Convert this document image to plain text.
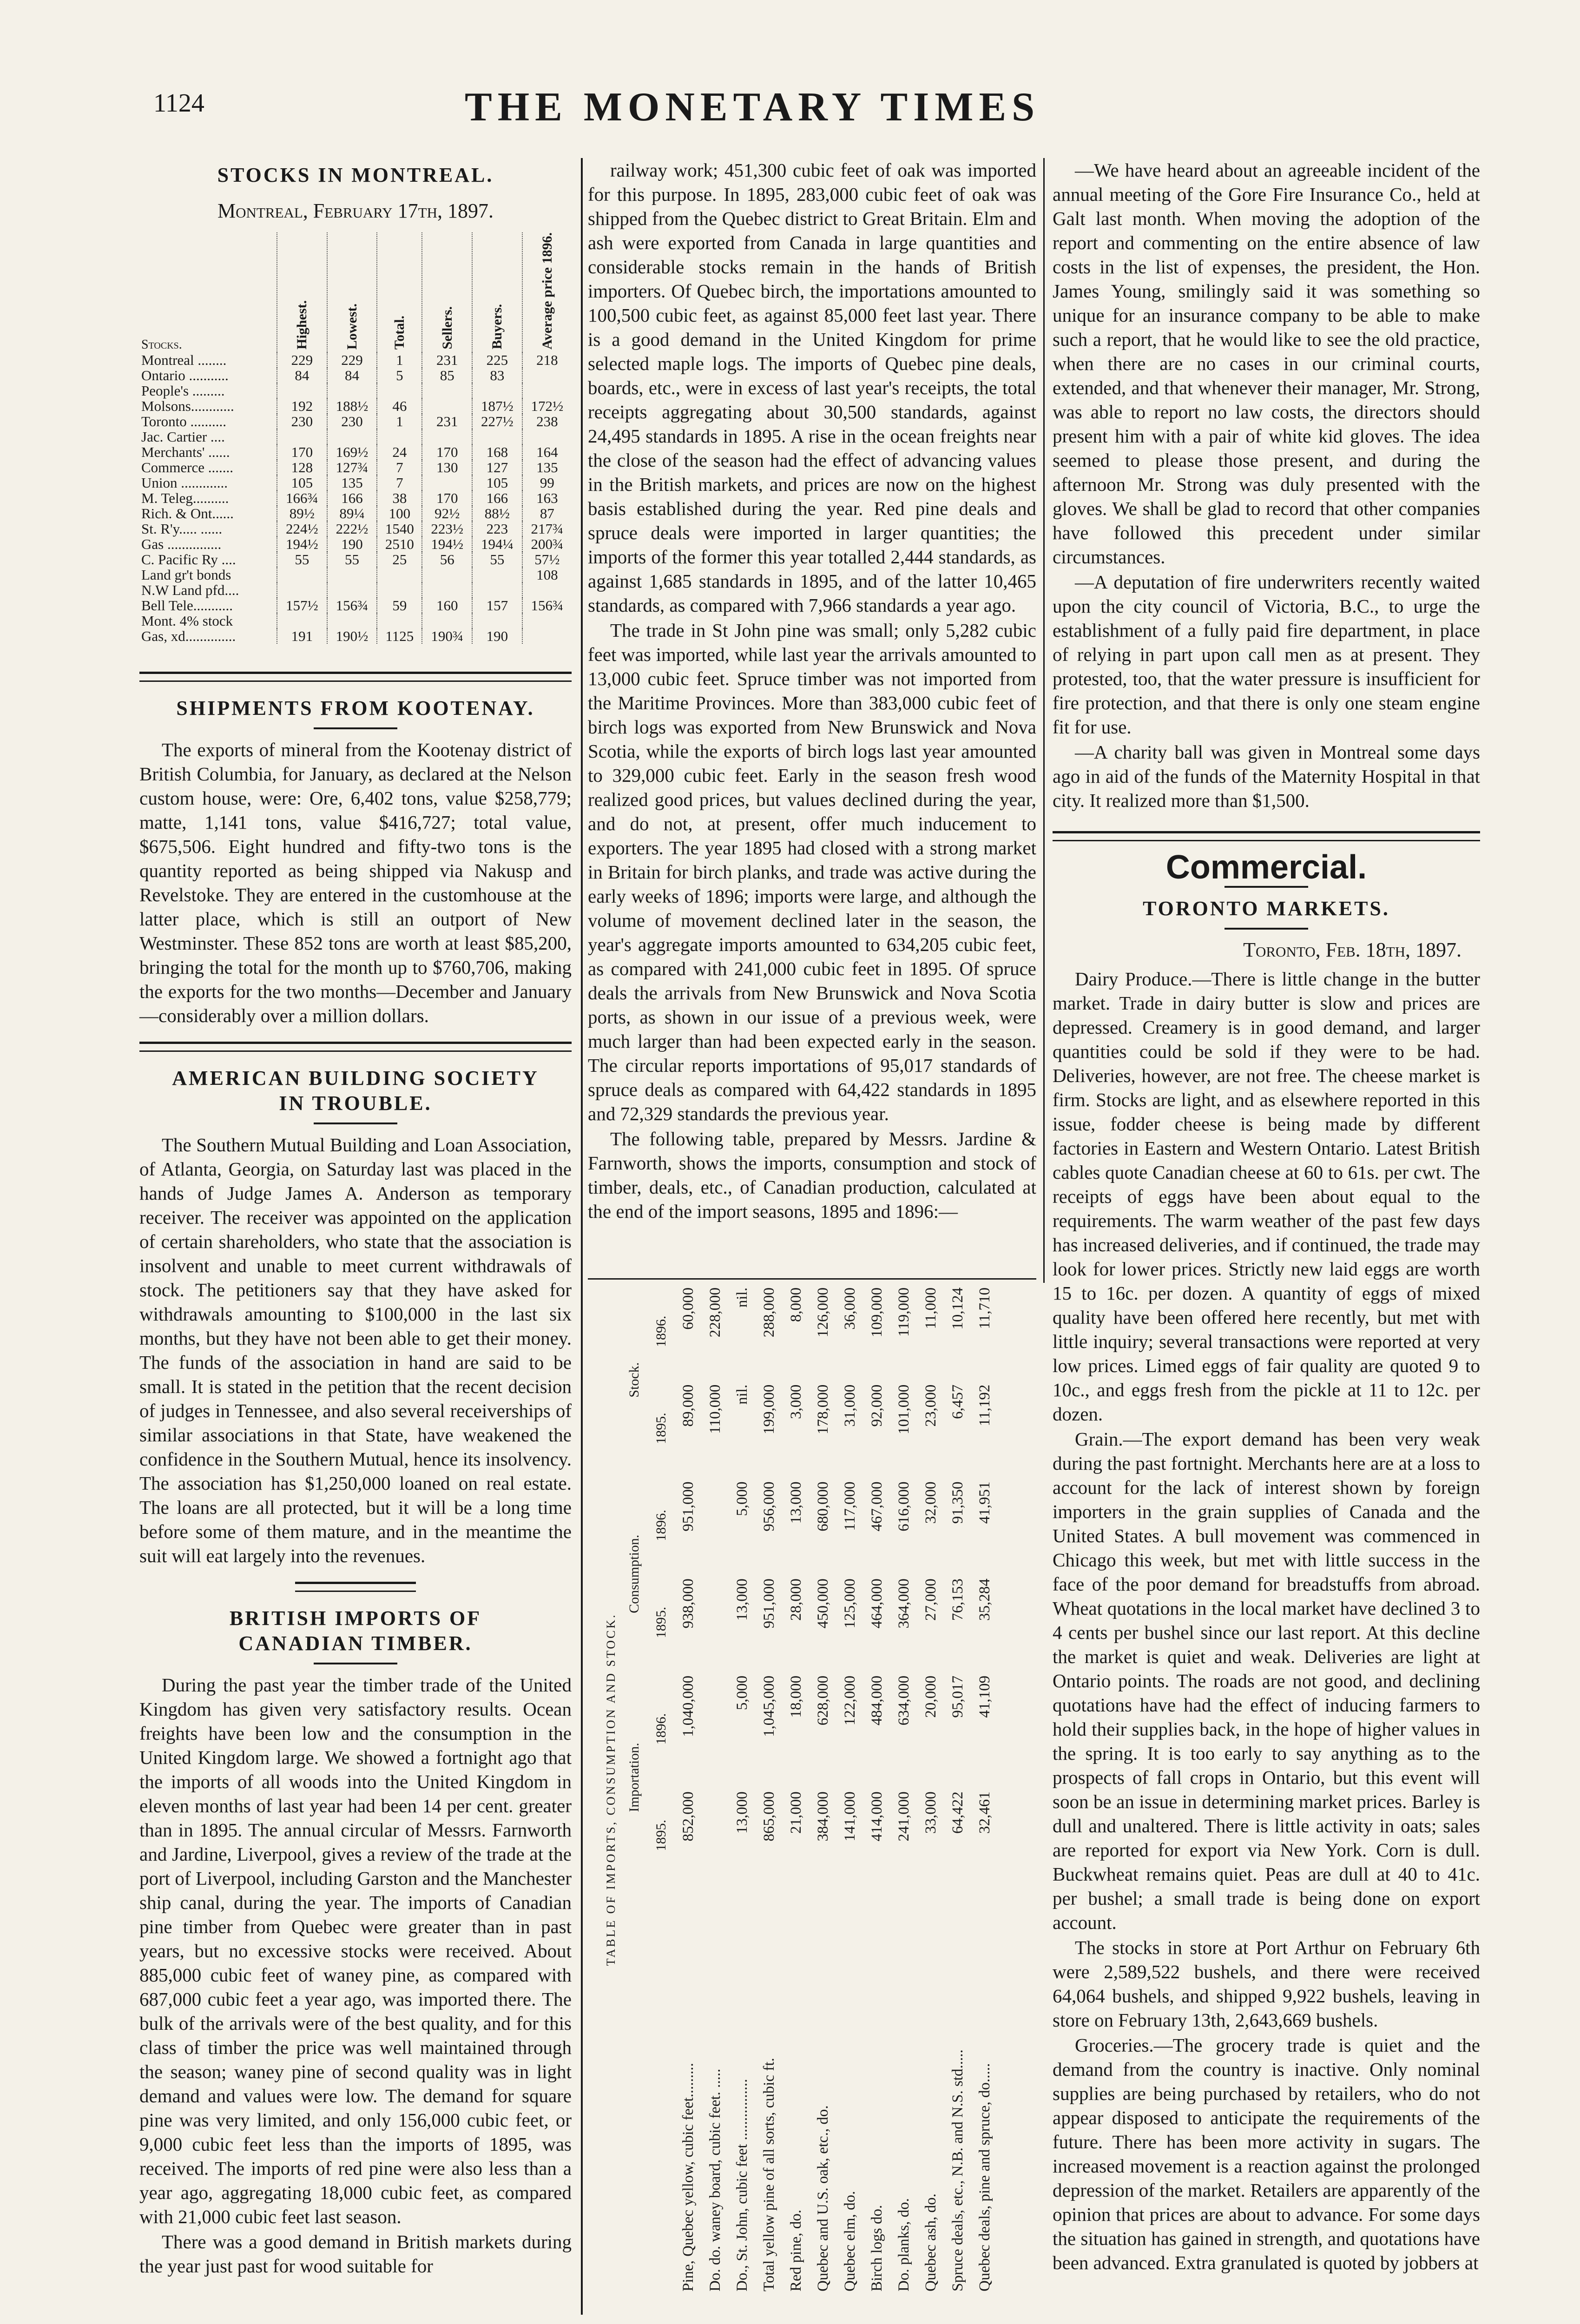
1124	THE MONETARY TIMES
STOCKS IN MONTREAL.
Montreal, February 17th, 1897.
Stocks.	Highest.	Lowest.	Total.	Sellers.	Buyers.	Average price 1896.
Montreal ........	229	229	1	231	225	218
Ontario ...........	84	84	5	85	83	
People's .........						
Molsons............	192	188½	46		187½	172½
Toronto ..........	230	230	1	231	227½	238
Jac. Cartier ....						
Merchants' ......	170	169½	24	170	168	164
Commerce .......	128	127¾	7	130	127	135
Union .............	105	135	7		105	99
M. Teleg..........	166¾	166	38	170	166	163
Rich. & Ont......	89½	89¼	100	92½	88½	87
St. R'y..... ......	224½	222½	1540	223½	223	217¾
Gas ...............	194½	190	2510	194½	194¼	200¾
C. Pacific Ry ....	55	55	25	56	55	57½
Land gr't bonds						108
N.W Land pfd....						
Bell Tele...........	157½	156¾	59	160	157	156¾
Mont. 4% stock						
Gas, xd..............	191	190½	1125	190¾	190	
SHIPMENTS FROM KOOTENAY.

The exports of mineral from the Kootenay district of British Columbia, for January, as declared at the Nelson custom house, were: Ore, 6,402 tons, value $258,779; matte, 1,141 tons, value $416,727; total value, $675,506. Eight hundred and fifty-two tons is the quantity reported as being shipped via Nakusp and Revelstoke. They are entered in the customhouse at the latter place, which is still an outport of New Westminster. These 852 tons are worth at least $85,200, bringing the total for the month up to $760,706, making the exports for the two months—December and January—considerably over a million dollars.

AMERICAN BUILDING SOCIETY IN TROUBLE.

The Southern Mutual Building and Loan Association, of Atlanta, Georgia, on Saturday last was placed in the hands of Judge James A. Anderson as temporary receiver. The receiver was appointed on the application of certain shareholders, who state that the association is insolvent and unable to meet current withdrawals of stock. The petitioners say that they have asked for withdrawals amounting to $100,000 in the last six months, but they have not been able to get their money. The funds of the association in hand are said to be small. It is stated in the petition that the recent decision of judges in Tennessee, and also several receiverships of similar associations in that State, have weakened the confidence in the Southern Mutual, hence its insolvency. The association has $1,250,000 loaned on real estate. The loans are all protected, but it will be a long time before some of them mature, and in the meantime the suit will eat largely into the revenues.

BRITISH IMPORTS OF CANADIAN TIMBER.

During the past year the timber trade of the United Kingdom has given very satisfactory results. Ocean freights have been low and the consumption in the United Kingdom large. We showed a fortnight ago that the imports of all woods into the United Kingdom in eleven months of last year had been 14 per cent. greater than in 1895. The annual circular of Messrs. Farnworth and Jardine, Liverpool, gives a review of the trade at the port of Liverpool, including Garston and the Manchester ship canal, during the year. The imports of Canadian pine timber from Quebec were greater than in past years, but no excessive stocks were received. About 885,000 cubic feet of waney pine, as compared with 687,000 cubic feet a year ago, was imported there. The bulk of the arrivals were of the best quality, and for this class of timber the price was well maintained through the season; waney pine of second quality was in light demand and values were low. The demand for square pine was very limited, and only 156,000 cubic feet, or 9,000 cubic feet less than the imports of 1895, was received. The imports of red pine were also less than a year ago, aggregating 18,000 cubic feet, as compared with 21,000 cubic feet last season.

There was a good demand in British markets during the year just past for wood suitable for

railway work; 451,300 cubic feet of oak was imported for this purpose. In 1895, 283,000 cubic feet of oak was shipped from the Quebec district to Great Britain. Elm and ash were exported from Canada in large quantities and considerable stocks remain in the hands of British importers. Of Quebec birch, the importations amounted to 100,500 cubic feet, as against 85,000 feet last year. There is a good demand in the United Kingdom for prime selected maple logs. The imports of Quebec pine deals, boards, etc., were in excess of last year's receipts, the total receipts aggregating about 30,500 standards, against 24,495 standards in 1895. A rise in the ocean freights near the close of the season had the effect of advancing values in the British markets, and prices are now on the highest basis established during the year. Red pine deals and spruce deals were imported in larger quantities; the imports of the former this year totalled 2,444 standards, as against 1,685 standards in 1895, and of the latter 10,465 standards, as compared with 7,966 standards a year ago.

The trade in St John pine was small; only 5,282 cubic feet was imported, while last year the arrivals amounted to 13,000 cubic feet. Spruce timber was not imported from the Maritime Provinces. More than 383,000 cubic feet of birch logs was exported from New Brunswick and Nova Scotia, while the exports of birch logs last year amounted to 329,000 cubic feet. Early in the season fresh wood realized good prices, but values declined during the year, and do not, at present, offer much inducement to exporters. The year 1895 had closed with a strong market in Britain for birch planks, and trade was active during the early weeks of 1896; imports were large, and although the volume of movement declined later in the season, the year's aggregate imports amounted to 634,205 cubic feet, as compared with 241,000 cubic feet in 1895. Of spruce deals the arrivals from New Brunswick and Nova Scotia ports, as shown in our issue of a previous week, were much larger than had been expected early in the season. The circular reports importations of 95,017 standards of spruce deals as compared with 64,422 standards in 1895 and 72,329 standards the previous year.

The following table, prepared by Messrs. Jardine & Farnworth, shows the imports, consumption and stock of timber, deals, etc., of Canadian production, calculated at the end of the import seasons, 1895 and 1896:—

TABLE OF IMPORTS, CONSUMPTION AND STOCK.
	Importation.		Consumption.		Stock.	
	1895.	1896.	1895.	1896.	1895.	1896.
Pine, Quebec yellow, cubic feet.........	852,000	1,040,000	938,000	951,000	89,000	60,000
Do. do. waney board, cubic feet. .....					110,000	228,000
Do., St. John, cubic feet ................	13,000	5,000	13,000	5,000	nil.	nil.
Total yellow pine of all sorts, cubic ft.	865,000	1,045,000	951,000	956,000	199,000	288,000
Red pine, do.	21,000	18,000	28,000	13,000	3,000	8,000
Quebec and U.S. oak, etc., do.	384,000	628,000	450,000	680,000	178,000	126,000
Quebec elm, do.	141,000	122,000	125,000	117,000	31,000	36,000
Birch logs do.	414,000	484,000	464,000	467,000	92,000	109,000
Do. planks, do.	241,000	634,000	364,000	616,000	101,000	119,000
Quebec ash, do.	33,000	20,000	27,000	32,000	23,000	11,000
Spruce deals, etc., N.B. and N.S. std.....	64,422	95,017	76,153	91,350	6,457	10,124
Quebec deals, pine and spruce, do.....	32,461	41,109	35,284	41,951	11,192	11,710

—We have heard about an agreeable incident of the annual meeting of the Gore Fire Insurance Co., held at Galt last month. When moving the adoption of the report and commenting on the entire absence of law costs in the list of expenses, the president, the Hon. James Young, smilingly said it was something so unique for an insurance company to be able to make such a report, that he would like to see the old practice, when there are no cases in our criminal courts, extended, and that whenever their manager, Mr. Strong, was able to report no law costs, the directors should present him with a pair of white kid gloves. The idea seemed to please those present, and during the afternoon Mr. Strong was duly presented with the gloves. We shall be glad to record that other companies have followed this precedent under similar circumstances.

—A deputation of fire underwriters recently waited upon the city council of Victoria, B.C., to urge the establishment of a fully paid fire department, in place of relying in part upon call men as at present. They protested, too, that the water pressure is insufficient for fire protection, and that there is only one steam engine fit for use.

—A charity ball was given in Montreal some days ago in aid of the funds of the Maternity Hospital in that city. It realized more than $1,500.

Commercial.
TORONTO MARKETS.
Toronto, Feb. 18th, 1897.

Dairy Produce.—There is little change in the butter market. Trade in dairy butter is slow and prices are depressed. Creamery is in good demand, and larger quantities could be sold if they were to be had. Deliveries, however, are not free. The cheese market is firm. Stocks are light, and as elsewhere reported in this issue, fodder cheese is being made by different factories in Eastern and Western Ontario. Latest British cables quote Canadian cheese at 60 to 61s. per cwt. The receipts of eggs have been about equal to the requirements. The warm weather of the past few days has increased deliveries, and if continued, the trade may look for lower prices. Strictly new laid eggs are worth 15 to 16c. per dozen. A quantity of eggs of mixed quality have been offered here recently, but met with little inquiry; several transactions were reported at very low prices. Limed eggs of fair quality are quoted 9 to 10c., and eggs fresh from the pickle at 11 to 12c. per dozen.

Grain.—The export demand has been very weak during the past fortnight. Merchants here are at a loss to account for the lack of interest shown by foreign importers in the grain supplies of Canada and the United States. A bull movement was commenced in Chicago this week, but met with little success in the face of the poor demand for breadstuffs from abroad. Wheat quotations in the local market have declined 3 to 4 cents per bushel since our last report. At this decline the market is quiet and weak. Deliveries are light at Ontario points. The roads are not good, and declining quotations have had the effect of inducing farmers to hold their supplies back, in the hope of higher values in the spring. It is too early to say anything as to the prospects of fall crops in Ontario, but this event will soon be an issue in determining market prices. Barley is dull and unaltered. There is little activity in oats; sales are reported for export via New York. Corn is dull. Buckwheat remains quiet. Peas are dull at 40 to 41c. per bushel; a small trade is being done on export account.

The stocks in store at Port Arthur on February 6th were 2,589,522 bushels, and there were received 64,064 bushels, and shipped 9,922 bushels, leaving in store on February 13th, 2,643,669 bushels.

Groceries.—The grocery trade is quiet and the demand from the country is inactive. Only nominal supplies are being purchased by retailers, who do not appear disposed to anticipate the requirements of the future. There has been more activity in sugars. The increased movement is a reaction against the prolonged depression of the market. Retailers are apparently of the opinion that prices are about to advance. For some days the situation has gained in strength, and quotations have been advanced. Extra granulated is quoted by jobbers at
